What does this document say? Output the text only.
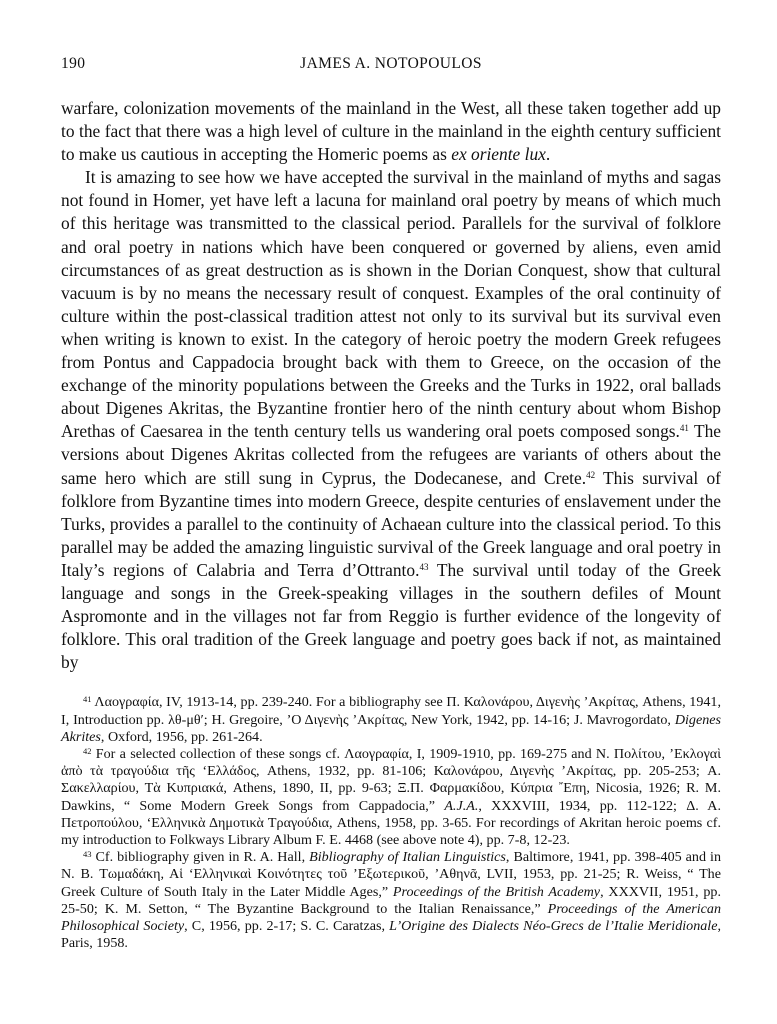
190	JAMES A. NOTOPOULOS

warfare, colonization movements of the mainland in the West, all these taken together add up to the fact that there was a high level of culture in the mainland in the eighth century sufficient to make us cautious in accepting the Homeric poems as ex oriente lux.

It is amazing to see how we have accepted the survival in the mainland of myths and sagas not found in Homer, yet have left a lacuna for mainland oral poetry by means of which much of this heritage was transmitted to the classical period. Parallels for the survival of folklore and oral poetry in nations which have been conquered or governed by aliens, even amid circumstances of as great destruction as is shown in the Dorian Conquest, show that cultural vacuum is by no means the necessary result of conquest. Examples of the oral continuity of culture within the post-classical tradition attest not only to its survival but its survival even when writing is known to exist. In the category of heroic poetry the modern Greek refugees from Pontus and Cappadocia brought back with them to Greece, on the occasion of the exchange of the minority populations between the Greeks and the Turks in 1922, oral ballads about Digenes Akritas, the Byzantine frontier hero of the ninth century about whom Bishop Arethas of Caesarea in the tenth century tells us wandering oral poets composed songs.$^{41}$ The versions about Digenes Akritas collected from the refugees are variants of others about the same hero which are still sung in Cyprus, the Dodecanese, and Crete.$^{42}$ This survival of folklore from Byzantine times into modern Greece, despite centuries of enslavement under the Turks, provides a parallel to the continuity of Achaean culture into the classical period. To this parallel may be added the amazing linguistic survival of the Greek language and oral poetry in Italy’s regions of Calabria and Terra d’Ottranto.$^{43}$ The survival until today of the Greek language and songs in the Greek-speaking villages in the southern defiles of Mount Aspromonte and in the villages not far from Reggio is further evidence of the longevity of folklore. This oral tradition of the Greek language and poetry goes back if not, as maintained by

$^{41}$ Λαογραφία, IV, 1913-14, pp. 239-240. For a bibliography see Π. Καλονάρου, Διγενὴς ’Ακρίτας, Athens, 1941, I, Introduction pp. λθ-μθ′; H. Gregoire, ’Ο Διγενὴς ’Ακρίτας, New York, 1942, pp. 14-16; J. Mavrogordato, Digenes Akrites, Oxford, 1956, pp. 261-264.

$^{42}$ For a selected collection of these songs cf. Λαογραφία, I, 1909-1910, pp. 169-275 and Ν. Πολίτου, ’Εκλογαὶ ἀπὸ τὰ τραγούδια τῆς ‘Ελλάδος, Athens, 1932, pp. 81-106; Καλονάρου, Διγενὴς ’Ακρίτας, pp. 205-253; Α. Σακελλαρίου, Τὰ Κυπριακά, Athens, 1890, II, pp. 9-63; Ξ.Π. Φαρμακίδου, Κύπρια ῎Επη, Nicosia, 1926; R. M. Dawkins, “ Some Modern Greek Songs from Cappadocia,” A.J.A., XXXVIII, 1934, pp. 112-122; Δ. Α. Πετροπούλου, ‘Ελληνικὰ Δημοτικὰ Τραγούδια, Athens, 1958, pp. 3-65. For recordings of Akritan heroic poems cf. my introduction to Folkways Library Album F. E. 4468 (see above note 4), pp. 7-8, 12-23.

$^{43}$ Cf. bibliography given in R. A. Hall, Bibliography of Italian Linguistics, Baltimore, 1941, pp. 398-405 and in N. B. Τωμαδάκη, Αἱ ‘Ελληνικαὶ Κοινότητες τοῦ ’Εξωτερικοῦ, ’Αθηνᾶ, LVII, 1953, pp. 21-25; R. Weiss, “ The Greek Culture of South Italy in the Later Middle Ages,” Proceedings of the British Academy, XXXVII, 1951, pp. 25-50; K. M. Setton, “ The Byzantine Background to the Italian Renaissance,” Proceedings of the American Philosophical Society, C, 1956, pp. 2-17; S. C. Caratzas, L’Origine des Dialects Néo-Grecs de l’Italie Meridionale, Paris, 1958.
